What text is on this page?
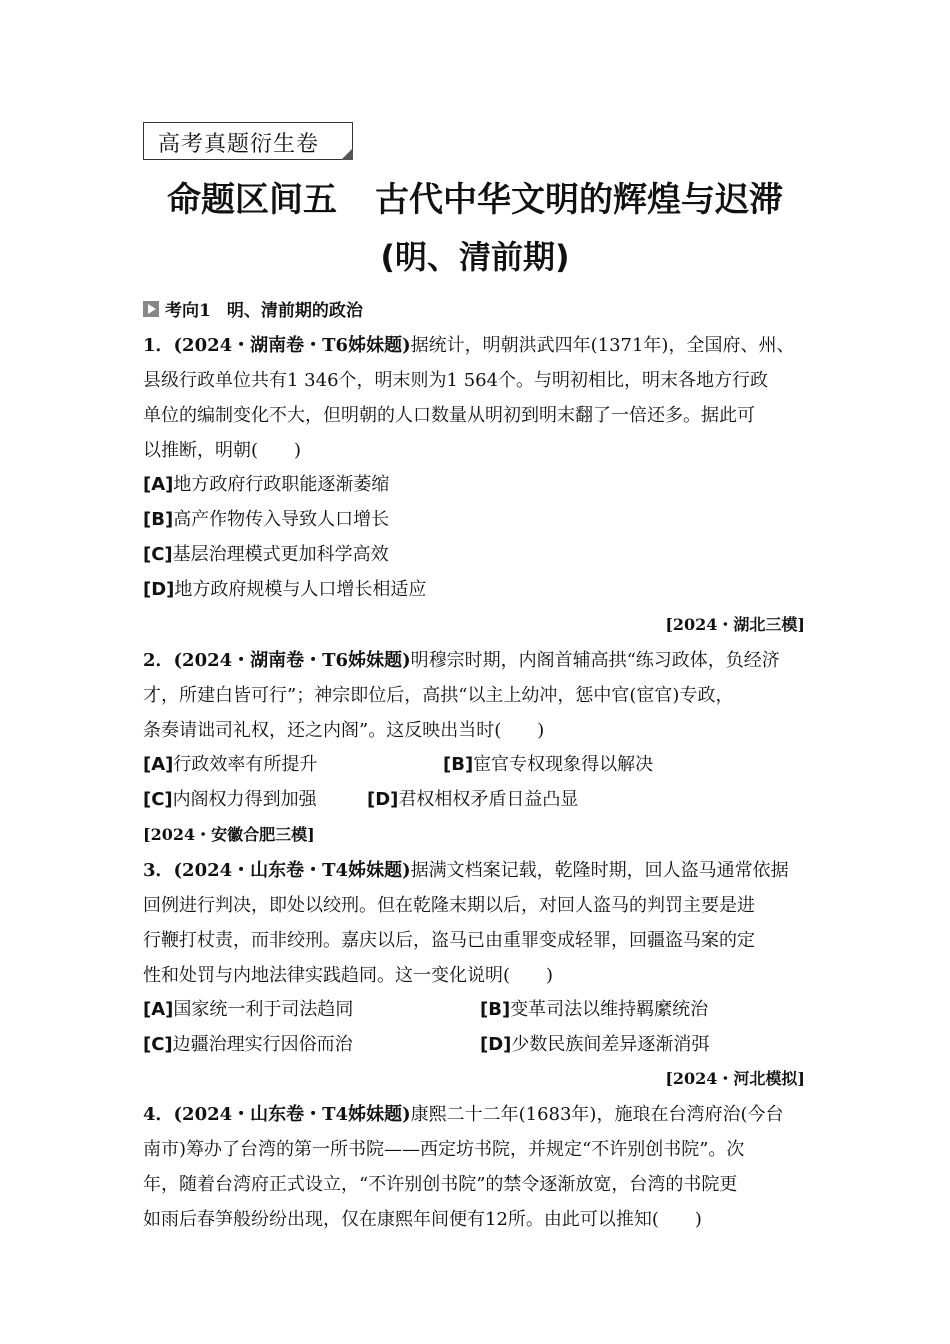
高考真题衍生卷
命题区间五 古代中华文明的辉煌与迟滞
(明、清前期)
考向1 明、清前期的政治
1．(2024・湖南卷・T6姊妹题)据统计，明朝洪武四年(1371年)，全国府、州、
县级行政单位共有1 346个，明末则为1 564个。与明初相比，明末各地方行政
单位的编制变化不大，但明朝的人口数量从明初到明末翻了一倍还多。据此可
以推断，明朝(　　)
[A]地方政府行政职能逐渐萎缩
[B]高产作物传入导致人口增长
[C]基层治理模式更加科学高效
[D]地方政府规模与人口增长相适应
[2024・湖北三模]
2．(2024・湖南卷・T6姊妹题)明穆宗时期，内阁首辅高拱“练习政体，负经济
才，所建白皆可行”；神宗即位后，高拱“以主上幼冲，惩中官(宦官)专政，
条奏请诎司礼权，还之内阁”。这反映出当时(　　)
[A]行政效率有所提升	[B]宦官专权现象得以解决
[C]内阁权力得到加强	[D]君权相权矛盾日益凸显
[2024・安徽合肥三模]
3．(2024・山东卷・T4姊妹题)据满文档案记载，乾隆时期，回人盗马通常依据
回例进行判决，即处以绞刑。但在乾隆末期以后，对回人盗马的判罚主要是进
行鞭打杖责，而非绞刑。嘉庆以后，盗马已由重罪变成轻罪，回疆盗马案的定
性和处罚与内地法律实践趋同。这一变化说明(　　)
[A]国家统一利于司法趋同	[B]变革司法以维持羁縻统治
[C]边疆治理实行因俗而治	[D]少数民族间差异逐渐消弭
[2024・河北模拟]
4．(2024・山东卷・T4姊妹题)康熙二十二年(1683年)，施琅在台湾府治(今台
南市)筹办了台湾的第一所书院——西定坊书院，并规定“不许别创书院”。次
年，随着台湾府正式设立，“不许别创书院”的禁令逐渐放宽，台湾的书院更
如雨后春笋般纷纷出现，仅在康熙年间便有12所。由此可以推知(　　)
